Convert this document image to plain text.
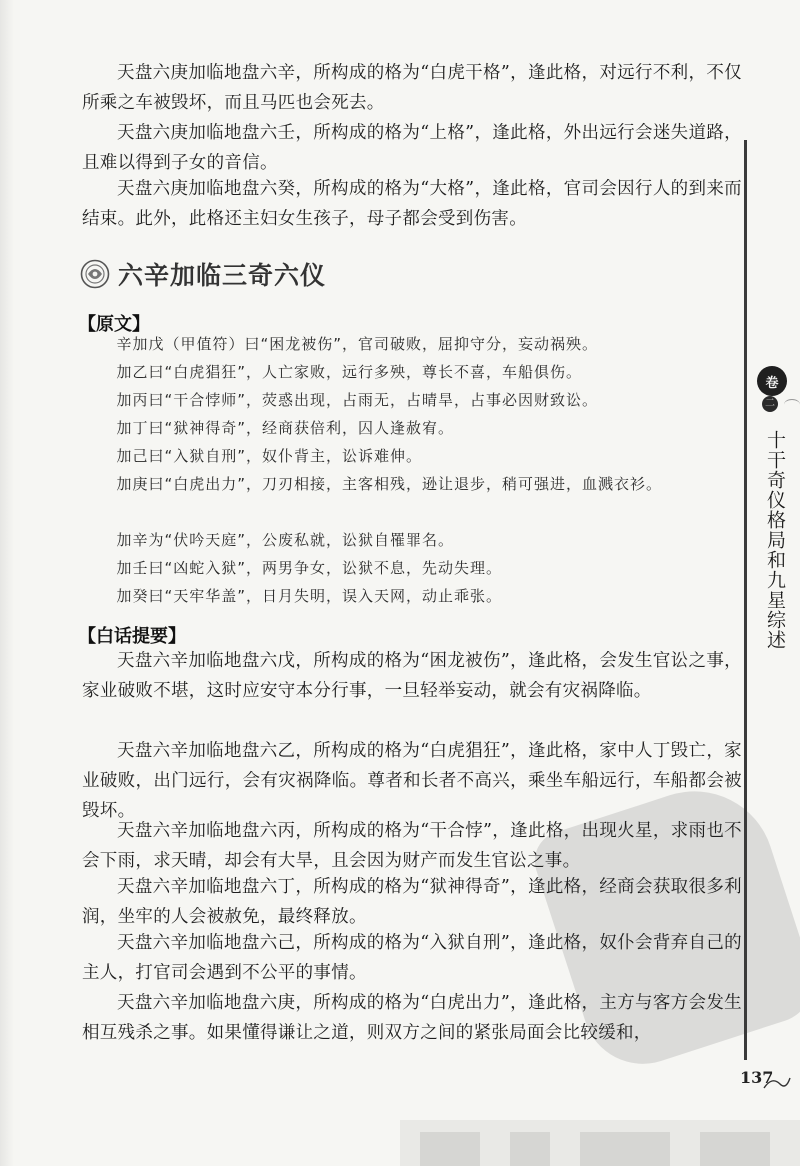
天盘六庚加临地盘六辛，所构成的格为“白虎干格”，逢此格，对远行不利，不仅所乘之车被毁坏，而且马匹也会死去。

天盘六庚加临地盘六壬，所构成的格为“上格”，逢此格，外出远行会迷失道路，且难以得到子女的音信。

天盘六庚加临地盘六癸，所构成的格为“大格”，逢此格，官司会因行人的到来而结束。此外，此格还主妇女生孩子，母子都会受到伤害。

六辛加临三奇六仪
【原文】

辛加戊（甲值符）曰“困龙被伤”，官司破败，屈抑守分，妄动祸殃。

加乙曰“白虎猖狂”，人亡家败，远行多殃，尊长不喜，车船俱伤。

加丙曰“干合悖师”，荧惑出现，占雨无，占晴旱，占事必因财致讼。

加丁曰“狱神得奇”，经商获倍利，囚人逢赦宥。

加己曰“入狱自刑”，奴仆背主，讼诉难伸。

加庚曰“白虎出力”，刀刃相接，主客相残，逊让退步，稍可强进，血溅衣衫。

加辛为“伏吟天庭”，公废私就，讼狱自罹罪名。

加壬曰“凶蛇入狱”，两男争女，讼狱不息，先动失理。

加癸曰“天牢华盖”，日月失明，误入天网，动止乖张。

【白话提要】

天盘六辛加临地盘六戊，所构成的格为“困龙被伤”，逢此格，会发生官讼之事，家业破败不堪，这时应安守本分行事，一旦轻举妄动，就会有灾祸降临。

天盘六辛加临地盘六乙，所构成的格为“白虎猖狂”，逢此格，家中人丁毁亡，家业破败，出门远行，会有灾祸降临。尊者和长者不高兴，乘坐车船远行，车船都会被毁坏。

天盘六辛加临地盘六丙，所构成的格为“干合悖”，逢此格，出现火星，求雨也不会下雨，求天晴，却会有大旱，且会因为财产而发生官讼之事。

天盘六辛加临地盘六丁，所构成的格为“狱神得奇”，逢此格，经商会获取很多利润，坐牢的人会被赦免，最终释放。

天盘六辛加临地盘六己，所构成的格为“入狱自刑”，逢此格，奴仆会背弃自己的主人，打官司会遇到不公平的事情。

天盘六辛加临地盘六庚，所构成的格为“白虎出力”，逢此格，主方与客方会发生相互残杀之事。如果懂得谦让之道，则双方之间的紧张局面会比较缓和，

卷
二
十干奇仪格局和九星综述
137
